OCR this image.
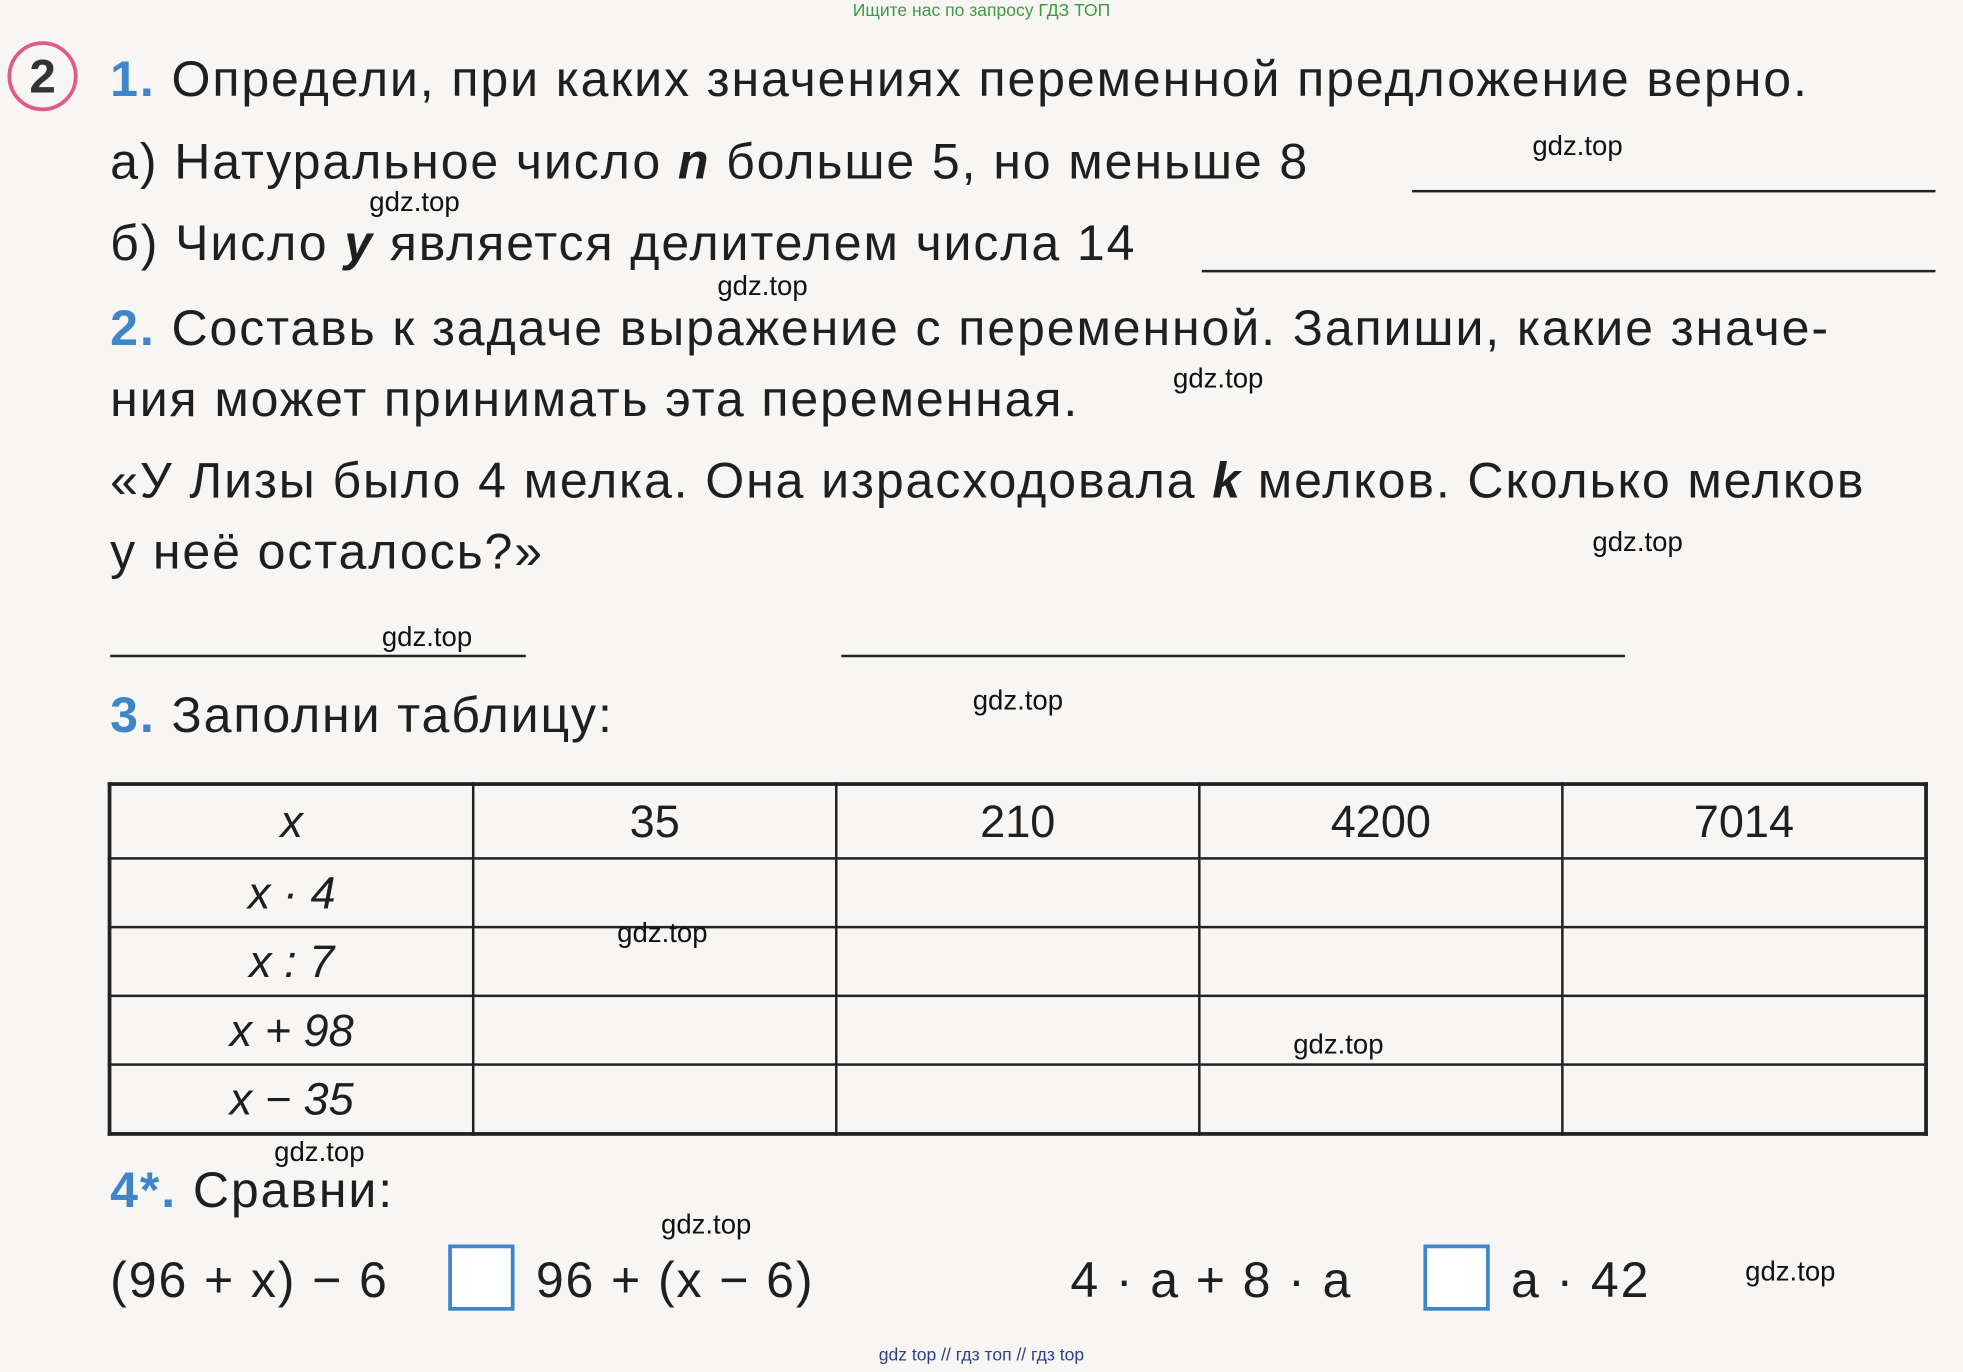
Ищите нас по запросу ГДЗ ТОП
2	1. Определи, при каких значениях переменной предложение верно.
а) Натуральное число n больше 5, но меньше 8
б) Число y является делителем числа 14
2. Составь к задаче выражение с переменной. Запиши, какие значе-
ния может принимать эта переменная.
«У Лизы было 4 мелка. Она израсходовала k мелков. Сколько мелков
у неё осталось?»
3. Заполни таблицу:
x	35	210	4200	7014
x · 4				
x : 7				
x + 98				
x − 35				
4*. Сравни:
(96 + x) − 6	96 + (x − 6)	4 · a + 8 · a	a · 42
gdz.top
gdz.top
gdz.top
gdz.top
gdz.top
gdz.top
gdz.top
gdz.top
gdz.top
gdz.top
gdz.top
gdz.top
gdz top // гдз топ // гдз top
